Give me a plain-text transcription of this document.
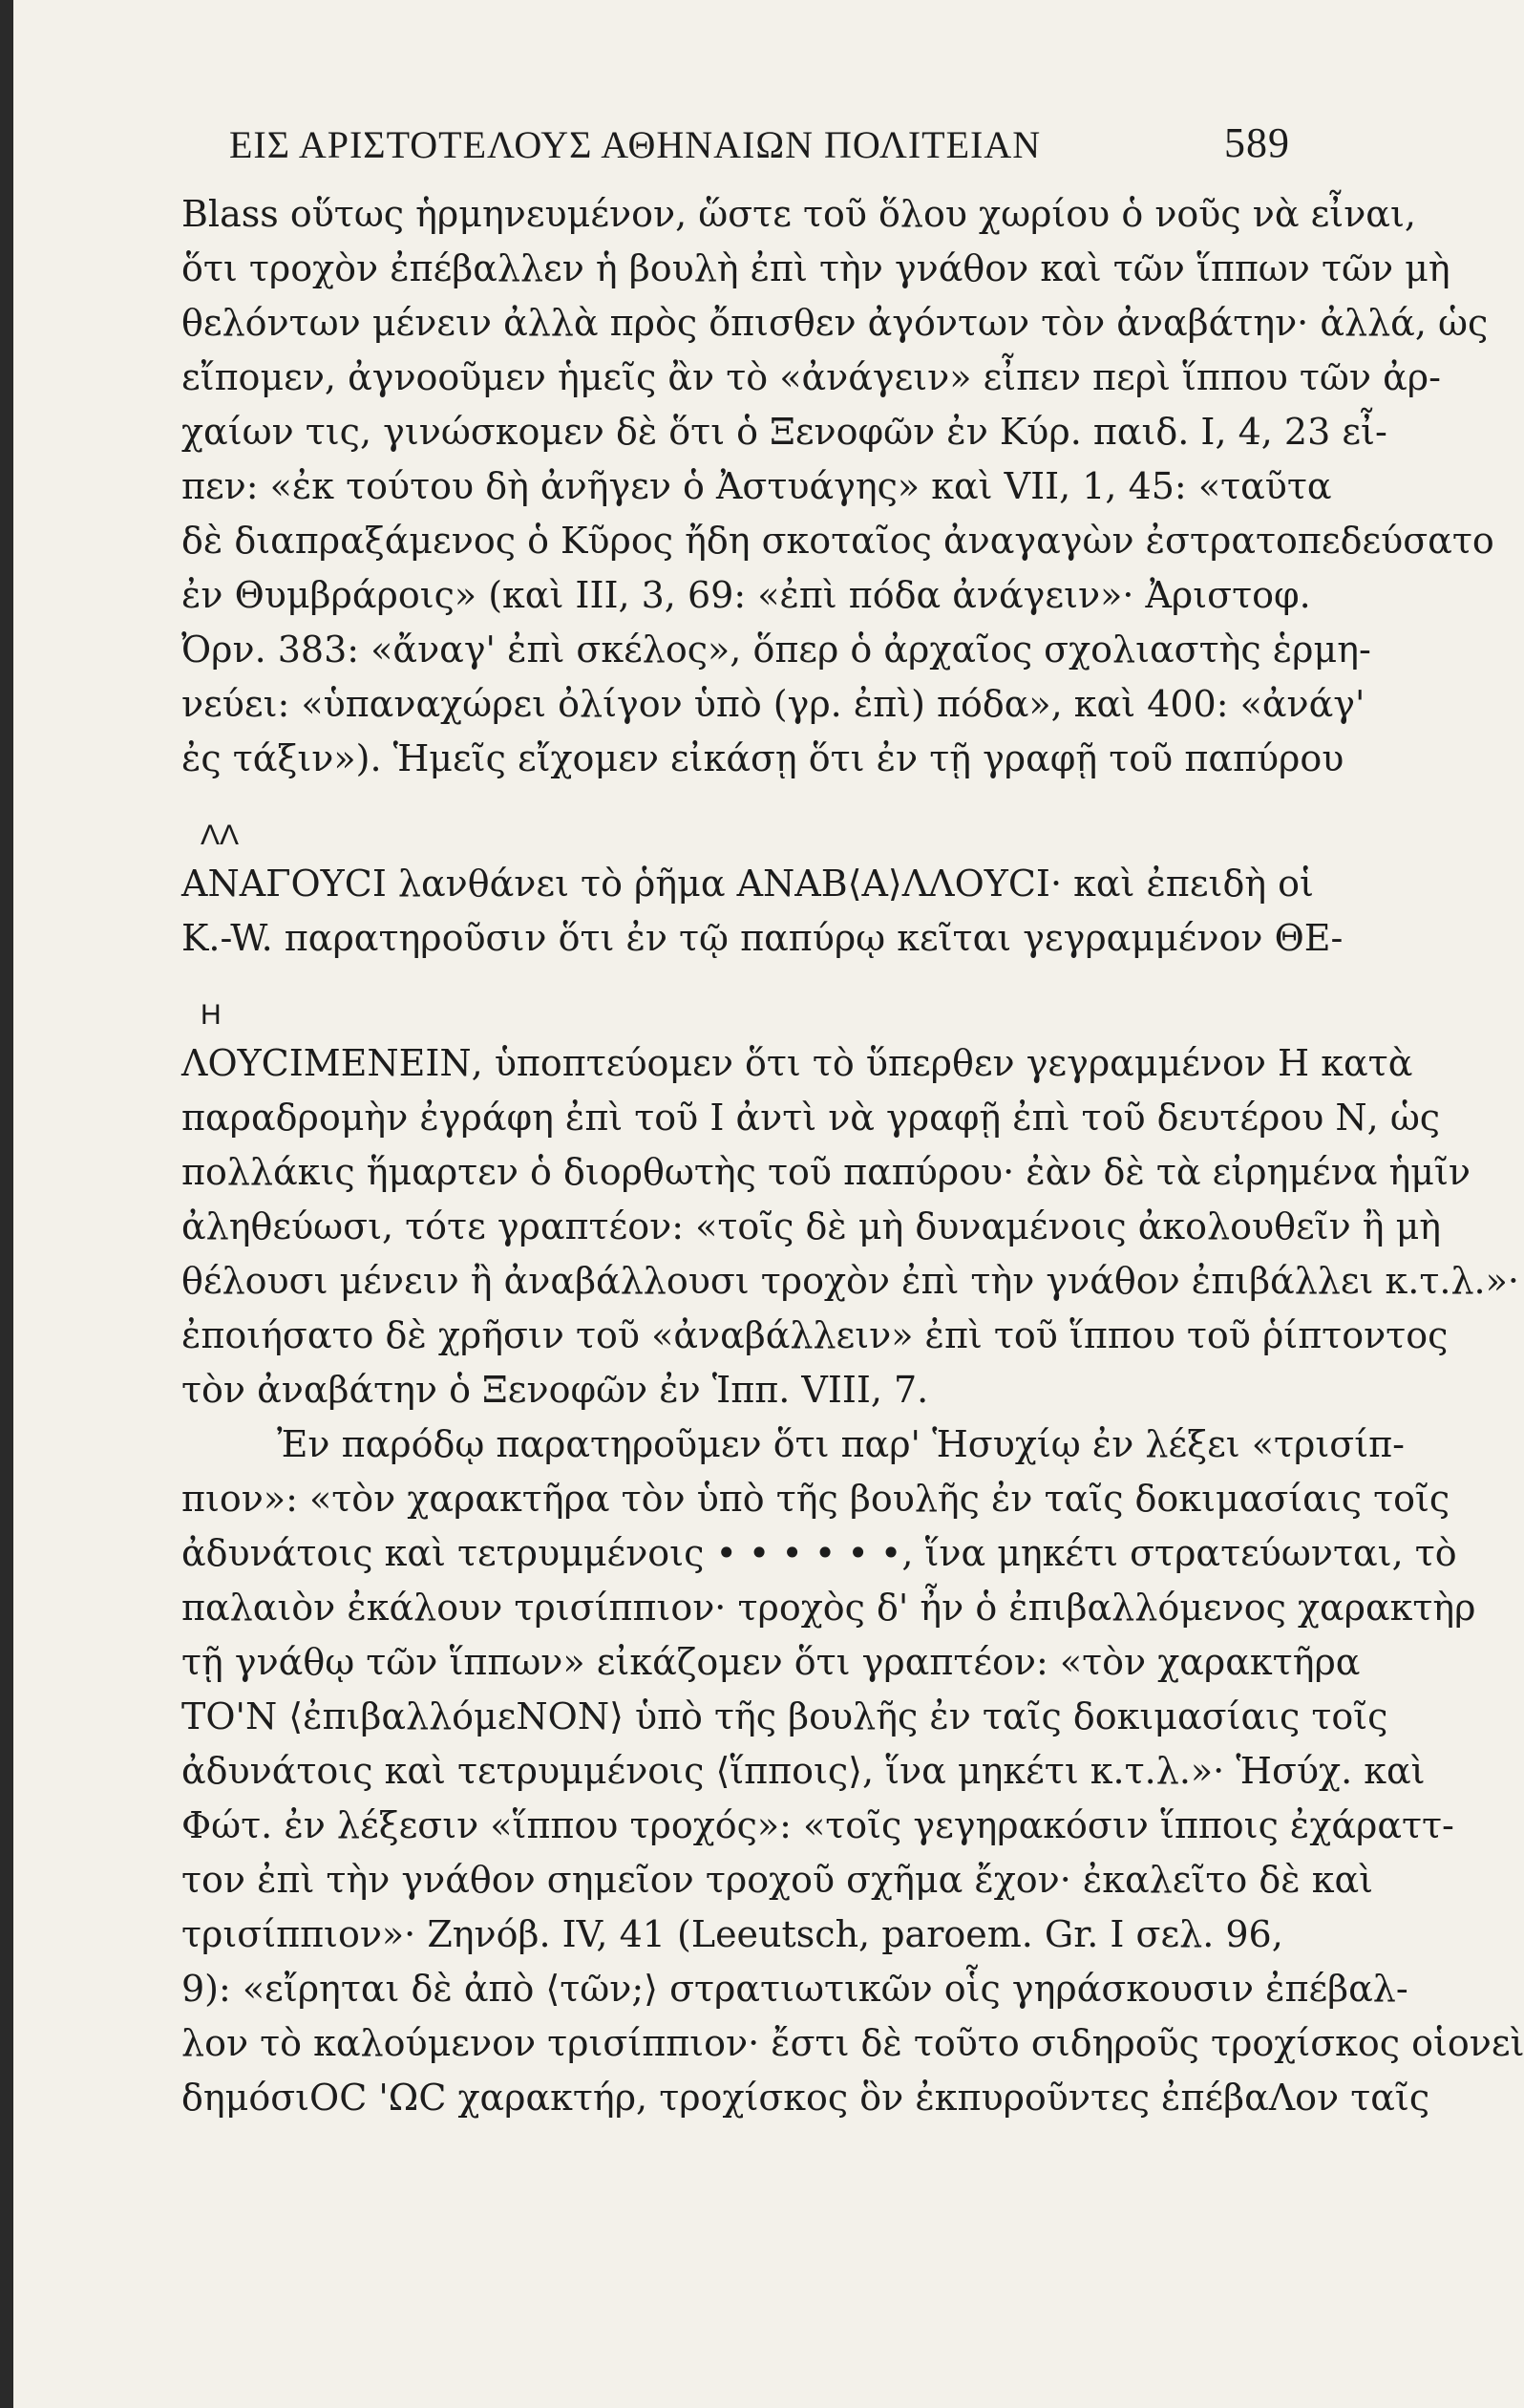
ΕΙΣ ΑΡΙΣΤΟΤΕΛΟΥΣ ΑΘΗΝΑΙΩΝ ΠΟΛΙΤΕΙΑΝ	589
Blass οὕτως ἡρμηνευμένον, ὥστε τοῦ ὅλου χωρίου ὁ νοῦς νὰ εἶναι,
ὅτι τροχὸν ἐπέβαλλεν ἡ βουλὴ ἐπὶ τὴν γνάθον καὶ τῶν ἵππων τῶν μὴ
θελόντων μένειν ἀλλὰ πρὸς ὄπισθεν ἀγόντων τὸν ἀναβάτην· ἀλλά, ὡς
εἴπομεν, ἀγνοοῦμεν ἡμεῖς ἂν τὸ «ἀνάγειν» εἶπεν περὶ ἵππου τῶν ἀρ-
χαίων τις, γινώσκομεν δὲ ὅτι ὁ Ξενοφῶν ἐν Κύρ. παιδ. I, 4, 23 εἶ-
πεν: «ἐκ τούτου δὴ ἀνῆγεν ὁ Ἀστυάγης» καὶ VII, 1, 45: «ταῦτα
δὲ διαπραξάμενος ὁ Κῦρος ἤδη σκοταῖος ἀναγαγὼν ἐστρατοπεδεύσατο
ἐν Θυμβράροις» (καὶ III, 3, 69: «ἐπὶ πόδα ἀνάγειν»· Ἀριστοφ.
Ὀρν. 383: «ἄναγ' ἐπὶ σκέλος», ὅπερ ὁ ἀρχαῖος σχολιαστὴς ἑρμη-
νεύει: «ὑπαναχώρει ὀλίγον ὑπὸ (γρ. ἐπὶ) πόδα», καὶ 400: «ἀνάγ'
ἐς τάξιν»). Ἡμεῖς εἴχομεν εἰκάσῃ ὅτι ἐν τῇ γραφῇ τοῦ παπύρου
ΛΛ
ΑΝΑΓΟΥϹΙ λανθάνει τὸ ῥῆμα ΑΝΑΒ⟨Α⟩ΛΛΟΥϹΙ· καὶ ἐπειδὴ οἱ
K.-W. παρατηροῦσιν ὅτι ἐν τῷ παπύρῳ κεῖται γεγραμμένον ΘΕ-
Η
ΛΟΥϹΙΜΕΝΕΙΝ, ὑποπτεύομεν ὅτι τὸ ὕπερθεν γεγραμμένον Η κατὰ
παραδρομὴν ἐγράφη ἐπὶ τοῦ Ι ἀντὶ νὰ γραφῇ ἐπὶ τοῦ δευτέρου Ν, ὡς
πολλάκις ἥμαρτεν ὁ διορθωτὴς τοῦ παπύρου· ἐὰν δὲ τὰ εἰρημένα ἡμῖν
ἀληθεύωσι, τότε γραπτέον: «τοῖς δὲ μὴ δυναμένοις ἀκολουθεῖν ἢ μὴ
θέλουσι μένειν ἢ ἀναβάλλουσι τροχὸν ἐπὶ τὴν γνάθον ἐπιβάλλει κ.τ.λ.»·
ἐποιήσατο δὲ χρῆσιν τοῦ «ἀναβάλλειν» ἐπὶ τοῦ ἵππου τοῦ ῥίπτοντος
τὸν ἀναβάτην ὁ Ξενοφῶν ἐν Ἱππ. VIII, 7.
Ἐν παρόδῳ παρατηροῦμεν ὅτι παρ' Ἡσυχίῳ ἐν λέξει «τρισίπ-
πιον»: «τὸν χαρακτῆρα τὸν ὑπὸ τῆς βουλῆς ἐν ταῖς δοκιμασίαις τοῖς
ἀδυνάτοις καὶ τετρυμμένοις • • • • • •, ἵνα μηκέτι στρατεύωνται, τὸ
παλαιὸν ἐκάλουν τρισίππιον· τροχὸς δ' ἦν ὁ ἐπιβαλλόμενος χαρακτὴρ
τῇ γνάθῳ τῶν ἵππων» εἰκάζομεν ὅτι γραπτέον: «τὸν χαρακτῆρα
ΤΟ'Ν ⟨ἐπιβαλλόμεΝΟΝ⟩ ὑπὸ τῆς βουλῆς ἐν ταῖς δοκιμασίαις τοῖς
ἀδυνάτοις καὶ τετρυμμένοις ⟨ἵπποις⟩, ἵνα μηκέτι κ.τ.λ.»· Ἡσύχ. καὶ
Φώτ. ἐν λέξεσιν «ἵππου τροχός»: «τοῖς γεγηρακόσιν ἵπποις ἐχάραττ-
τον ἐπὶ τὴν γνάθον σημεῖον τροχοῦ σχῆμα ἔχον· ἐκαλεῖτο δὲ καὶ
τρισίππιον»· Ζηνόβ. IV, 41 (Leeutsch, paroem. Gr. I σελ. 96,
9): «εἴρηται δὲ ἀπὸ ⟨τῶν;⟩ στρατιωτικῶν οἷς γηράσκουσιν ἐπέβαλ-
λον τὸ καλούμενον τρισίππιον· ἔστι δὲ τοῦτο σιδηροῦς τροχίσκος οἱονεὶ
δημόσιΟϹ 'ΩϹ χαρακτήρ, τροχίσκος ὃν ἐκπυροῦντες ἐπέβαΛον ταῖς
